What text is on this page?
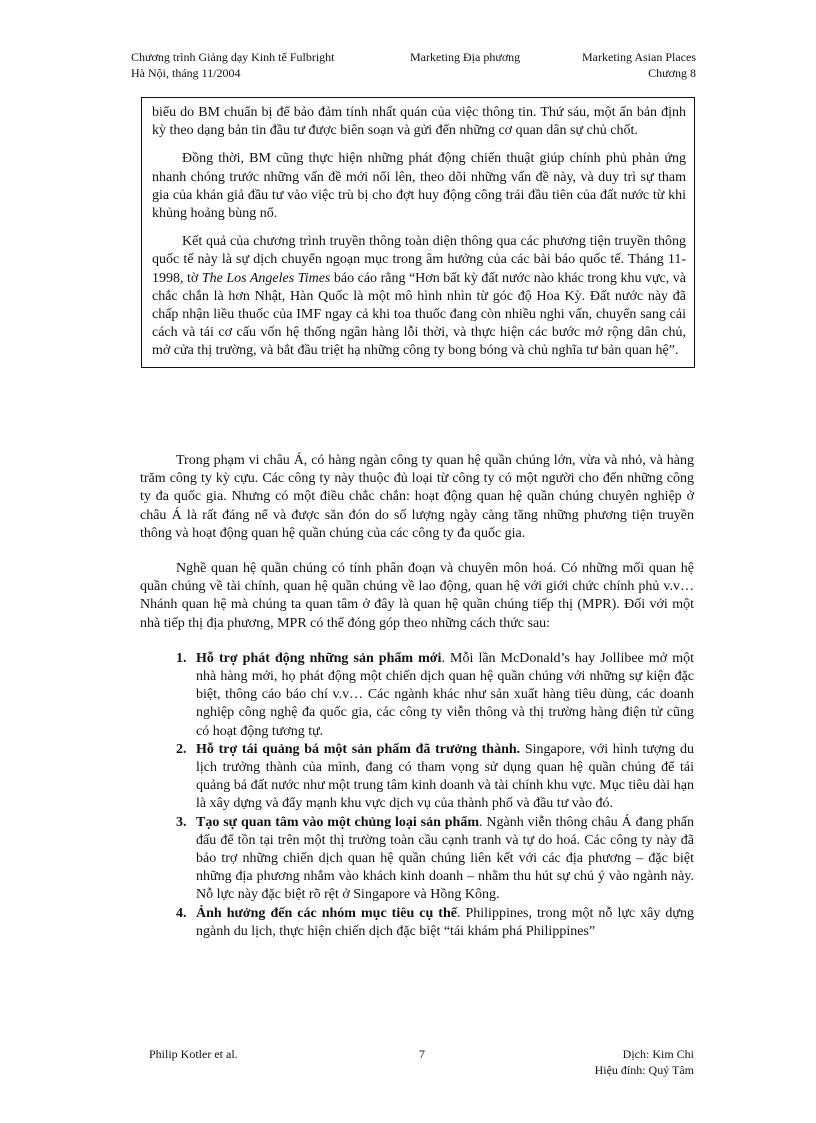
Chương trình Giảng dạy Kinh tế Fulbright
Hà Nội, tháng 11/2004
Marketing Địa phương	Marketing Asian Places
Chương 8

biểu do BM chuẩn bị để bảo đảm tính nhất quán của việc thông tin. Thứ sáu, một ấn bản định kỳ theo dạng bản tin đầu tư được biên soạn và gửi đến những cơ quan dân sự chủ chốt.

Đồng thời, BM cũng thực hiện những phát động chiến thuật giúp chính phủ phản ứng nhanh chóng trước những vấn đề mới nổi lên, theo dõi những vấn đề này, và duy trì sự tham gia của khán giả đầu tư vào việc trù bị cho đợt huy động công trái đầu tiên của đất nước từ khi khủng hoảng bùng nổ.

Kết quả của chương trình truyền thông toàn diện thông qua các phương tiện truyền thông quốc tế này là sự dịch chuyển ngoạn mục trong âm hưởng của các bài báo quốc tế. Tháng 11-1998, tờ The Los Angeles Times báo cáo rằng “Hơn bất kỳ đất nước nào khác trong khu vực, và chắc chắn là hơn Nhật, Hàn Quốc là một mô hình nhìn từ góc độ Hoa Kỳ. Đất nước này đã chấp nhận liều thuốc của IMF ngay cả khi toa thuốc đang còn nhiều nghi vấn, chuyển sang cải cách và tái cơ cấu vốn hệ thống ngân hàng lỗi thời, và thực hiện các bước mở rộng dân chủ, mở cửa thị trường, và bắt đầu triệt hạ những công ty bong bóng và chủ nghĩa tư bản quan hệ”.

Trong phạm vi châu Á, có hàng ngàn công ty quan hệ quần chúng lớn, vừa và nhỏ, và hàng trăm công ty kỳ cựu. Các công ty này thuộc đủ loại từ công ty có một người cho đến những công ty đa quốc gia. Nhưng có một điều chắc chắn: hoạt động quan hệ quần chúng chuyên nghiệp ở châu Á là rất đáng nể và được săn đón do số lượng ngày càng tăng những phương tiện truyền thông và hoạt động quan hệ quần chúng của các công ty đa quốc gia.

Nghề quan hệ quần chúng có tính phân đoạn và chuyên môn hoá. Có những mối quan hệ quần chúng về tài chính, quan hệ quần chúng về lao động, quan hệ với giới chức chính phủ v.v… Nhánh quan hệ mà chúng ta quan tâm ở đây là quan hệ quần chúng tiếp thị (MPR). Đối với một nhà tiếp thị địa phương, MPR có thể đóng góp theo những cách thức sau:

1. Hỗ trợ phát động những sản phẩm mới. Mỗi lần McDonald’s hay Jollibee mở một nhà hàng mới, họ phát động một chiến dịch quan hệ quần chúng với những sự kiện đặc biệt, thông cáo báo chí v.v… Các ngành khác như sản xuất hàng tiêu dùng, các doanh nghiệp công nghệ đa quốc gia, các công ty viễn thông và thị trường hàng điện tử cũng có hoạt động tương tự.
2. Hỗ trợ tái quảng bá một sản phẩm đã trưởng thành. Singapore, với hình tượng du lịch trưởng thành của mình, đang có tham vọng sử dụng quan hệ quần chúng để tái quảng bá đất nước như một trung tâm kinh doanh và tài chính khu vực. Mục tiêu dài hạn là xây dựng và đẩy mạnh khu vực dịch vụ của thành phố và đầu tư vào đó.
3. Tạo sự quan tâm vào một chủng loại sản phẩm. Ngành viễn thông châu Á đang phấn đấu để tồn tại trên một thị trường toàn cầu cạnh tranh và tự do hoá. Các công ty này đã bảo trợ những chiến dịch quan hệ quần chúng liên kết với các địa phương – đặc biệt những địa phương nhắm vào khách kinh doanh – nhằm thu hút sự chú ý vào ngành này. Nỗ lực này đặc biệt rõ rệt ở Singapore và Hồng Kông.
4. Ảnh hưởng đến các nhóm mục tiêu cụ thể. Philippines, trong một nỗ lực xây dựng ngành du lịch, thực hiện chiến dịch đặc biệt “tái khám phá Philippines”
Philip Kotler et al.	7	Dịch: Kim Chi
Hiệu đính: Quý Tâm
